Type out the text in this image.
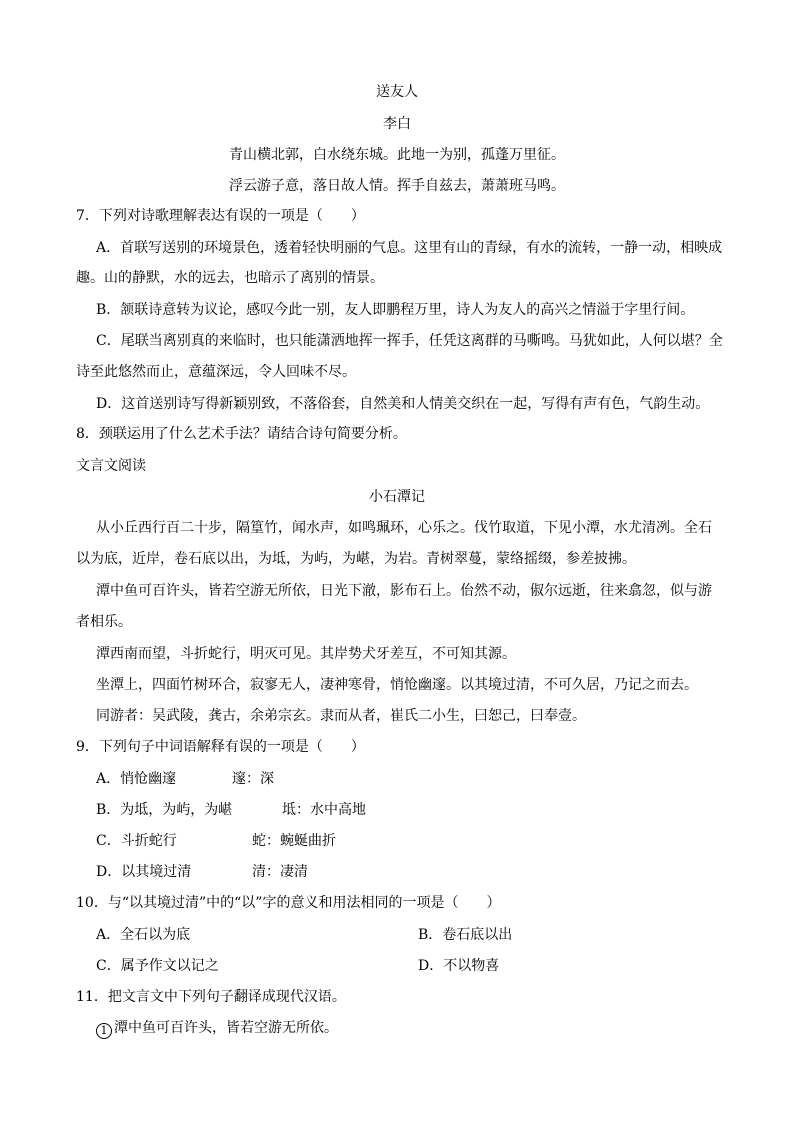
送友人
李白
青山横北郭，白水绕东城。此地一为别，孤蓬万里征。
浮云游子意，落日故人情。挥手自兹去，萧萧班马鸣。
7．下列对诗歌理解表达有误的一项是（　　）
A．首联写送别的环境景色，透着轻快明丽的气息。这里有山的青绿，有水的流转，一静一动，相映成
趣。山的静默，水的远去，也暗示了离别的情景。
B．颔联诗意转为议论，感叹今此一别，友人即鹏程万里，诗人为友人的高兴之情溢于字里行间。
C．尾联当离别真的来临时，也只能潇洒地挥一挥手，任凭这离群的马嘶鸣。马犹如此，人何以堪？全
诗至此悠然而止，意蕴深远，令人回味不尽。
D．这首送别诗写得新颖别致，不落俗套，自然美和人情美交织在一起，写得有声有色，气韵生动。
8．颈联运用了什么艺术手法？请结合诗句简要分析。
文言文阅读
小石潭记
从小丘西行百二十步，隔篁竹，闻水声，如鸣珮环，心乐之。伐竹取道，下见小潭，水尤清冽。全石
以为底，近岸，卷石底以出，为坻，为屿，为嵁，为岩。青树翠蔓，蒙络摇缀，参差披拂。
潭中鱼可百许头，皆若空游无所依，日光下澈，影布石上。佁然不动，俶尔远逝，往来翕忽，似与游
者相乐。
潭西南而望，斗折蛇行，明灭可见。其岸势犬牙差互，不可知其源。
坐潭上，四面竹树环合，寂寥无人，凄神寒骨，悄怆幽邃。以其境过清，不可久居，乃记之而去。
同游者：吴武陵，龚古，余弟宗玄。隶而从者，崔氏二小生，曰恕己，曰奉壹。
9．下列句子中词语解释有误的一项是（　　）
A．悄怆幽邃	邃：深
B．为坻，为屿，为嵁	坻：水中高地
C．斗折蛇行	蛇：蜿蜒曲折
D．以其境过清	清：凄清
10．与“以其境过清”中的“以”字的意义和用法相同的一项是（　　）
A．全石以为底	B．卷石底以出
C．属予作文以记之	D．不以物喜
11．把文言文中下列句子翻译成现代汉语。
1 潭中鱼可百许头，皆若空游无所依。
